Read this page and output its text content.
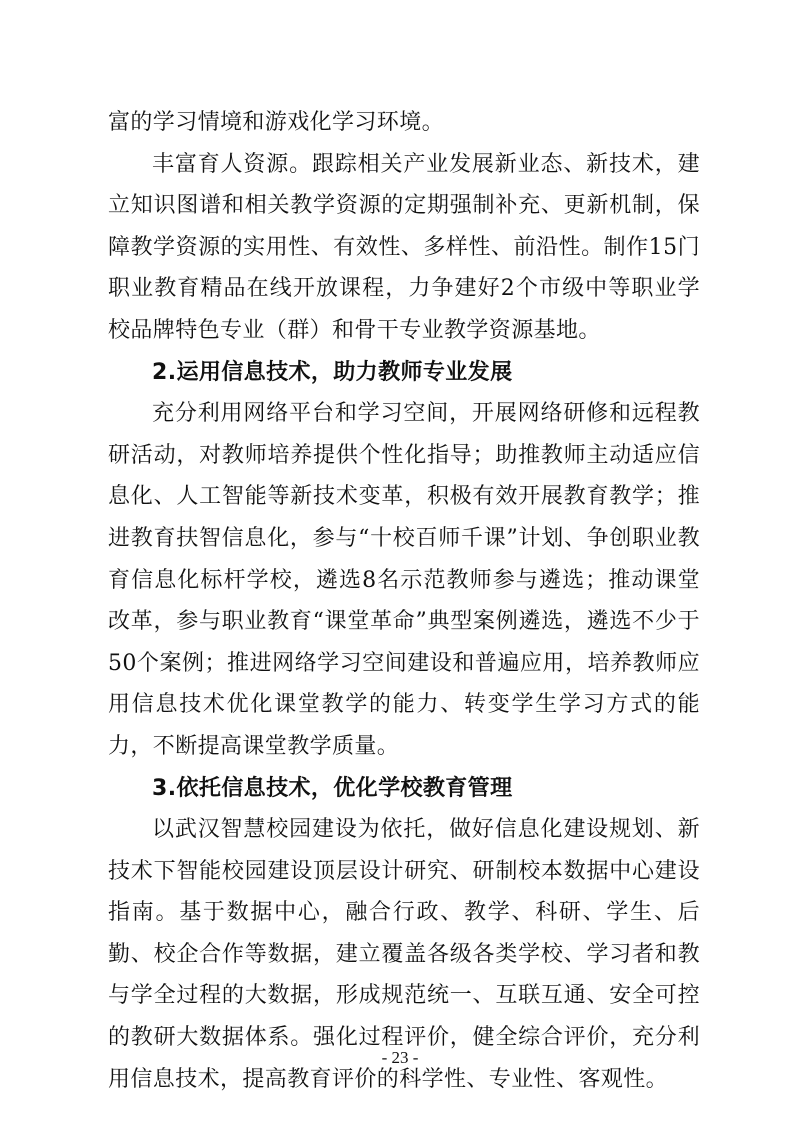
富的学习情境和游戏化学习环境。

丰富育人资源。跟踪相关产业发展新业态、新技术，建立知识图谱和相关教学资源的定期强制补充、更新机制，保障教学资源的实用性、有效性、多样性、前沿性。制作15门职业教育精品在线开放课程，力争建好2个市级中等职业学校品牌特色专业（群）和骨干专业教学资源基地。

2.运用信息技术，助力教师专业发展

充分利用网络平台和学习空间，开展网络研修和远程教研活动，对教师培养提供个性化指导；助推教师主动适应信息化、人工智能等新技术变革，积极有效开展教育教学；推进教育扶智信息化，参与“十校百师千课”计划、争创职业教育信息化标杆学校，遴选8名示范教师参与遴选；推动课堂改革，参与职业教育“课堂革命”典型案例遴选，遴选不少于50个案例；推进网络学习空间建设和普遍应用，培养教师应用信息技术优化课堂教学的能力、转变学生学习方式的能力，不断提高课堂教学质量。

3.依托信息技术，优化学校教育管理

以武汉智慧校园建设为依托，做好信息化建设规划、新技术下智能校园建设顶层设计研究、研制校本数据中心建设指南。基于数据中心，融合行政、教学、科研、学生、后勤、校企合作等数据，建立覆盖各级各类学校、学习者和教与学全过程的大数据，形成规范统一、互联互通、安全可控的教研大数据体系。强化过程评价，健全综合评价，充分利用信息技术，提高教育评价的科学性、专业性、客观性。

- 23 -
